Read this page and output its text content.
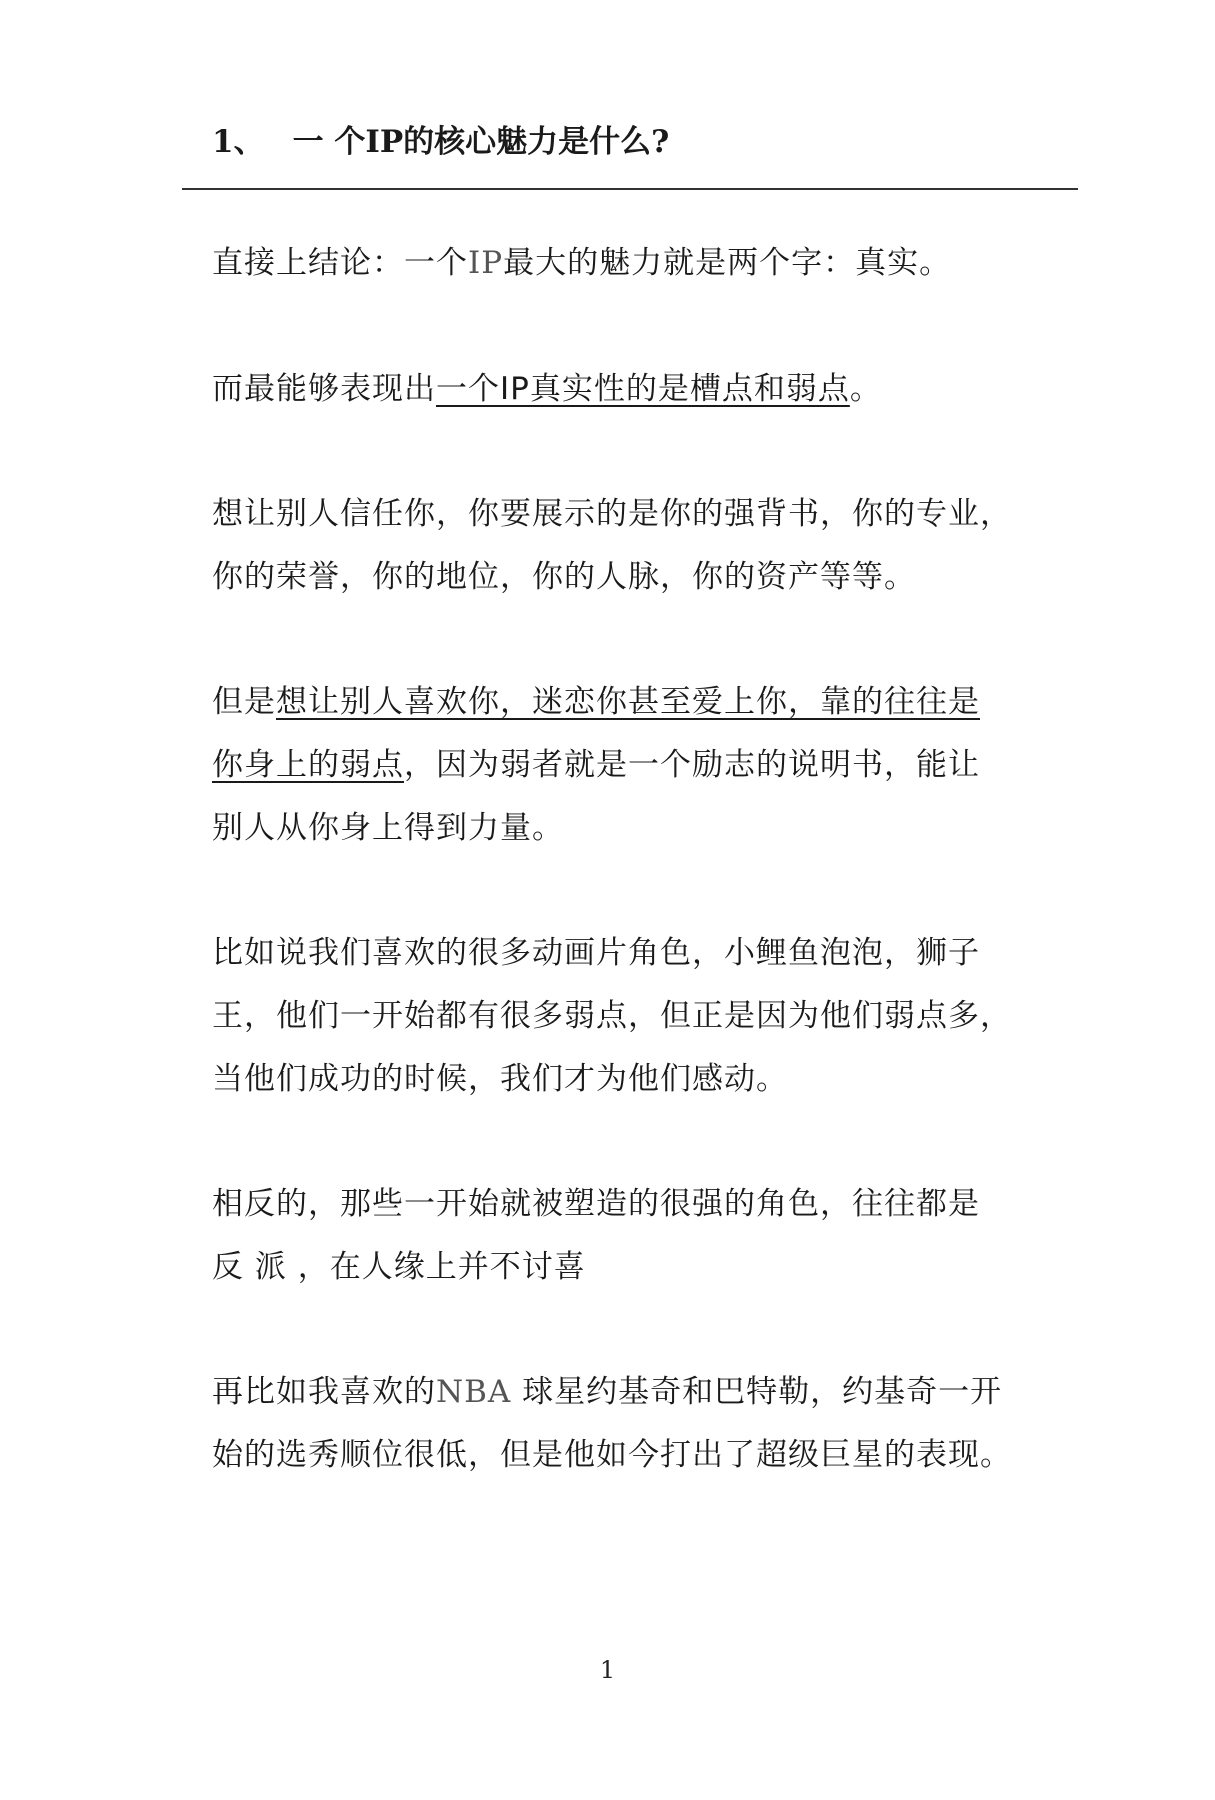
1、 一 个IP的核心魅力是什么?
直接上结论：一个IP最大的魅力就是两个字：真实。
而最能够表现出一个IP真实性的是槽点和弱点。
想让别人信任你，你要展示的是你的强背书，你的专业，
你的荣誉，你的地位，你的人脉，你的资产等等。
但是想让别人喜欢你，迷恋你甚至爱上你，靠的往往是
你身上的弱点，因为弱者就是一个励志的说明书，能让
别人从你身上得到力量。
比如说我们喜欢的很多动画片角色，小鲤鱼泡泡，狮子
王，他们一开始都有很多弱点，但正是因为他们弱点多，
当他们成功的时候，我们才为他们感动。
相反的，那些一开始就被塑造的很强的角色，往往都是
反 派 ，在人缘上并不讨喜
再比如我喜欢的NBA 球星约基奇和巴特勒，约基奇一开
始的选秀顺位很低，但是他如今打出了超级巨星的表现。
1
